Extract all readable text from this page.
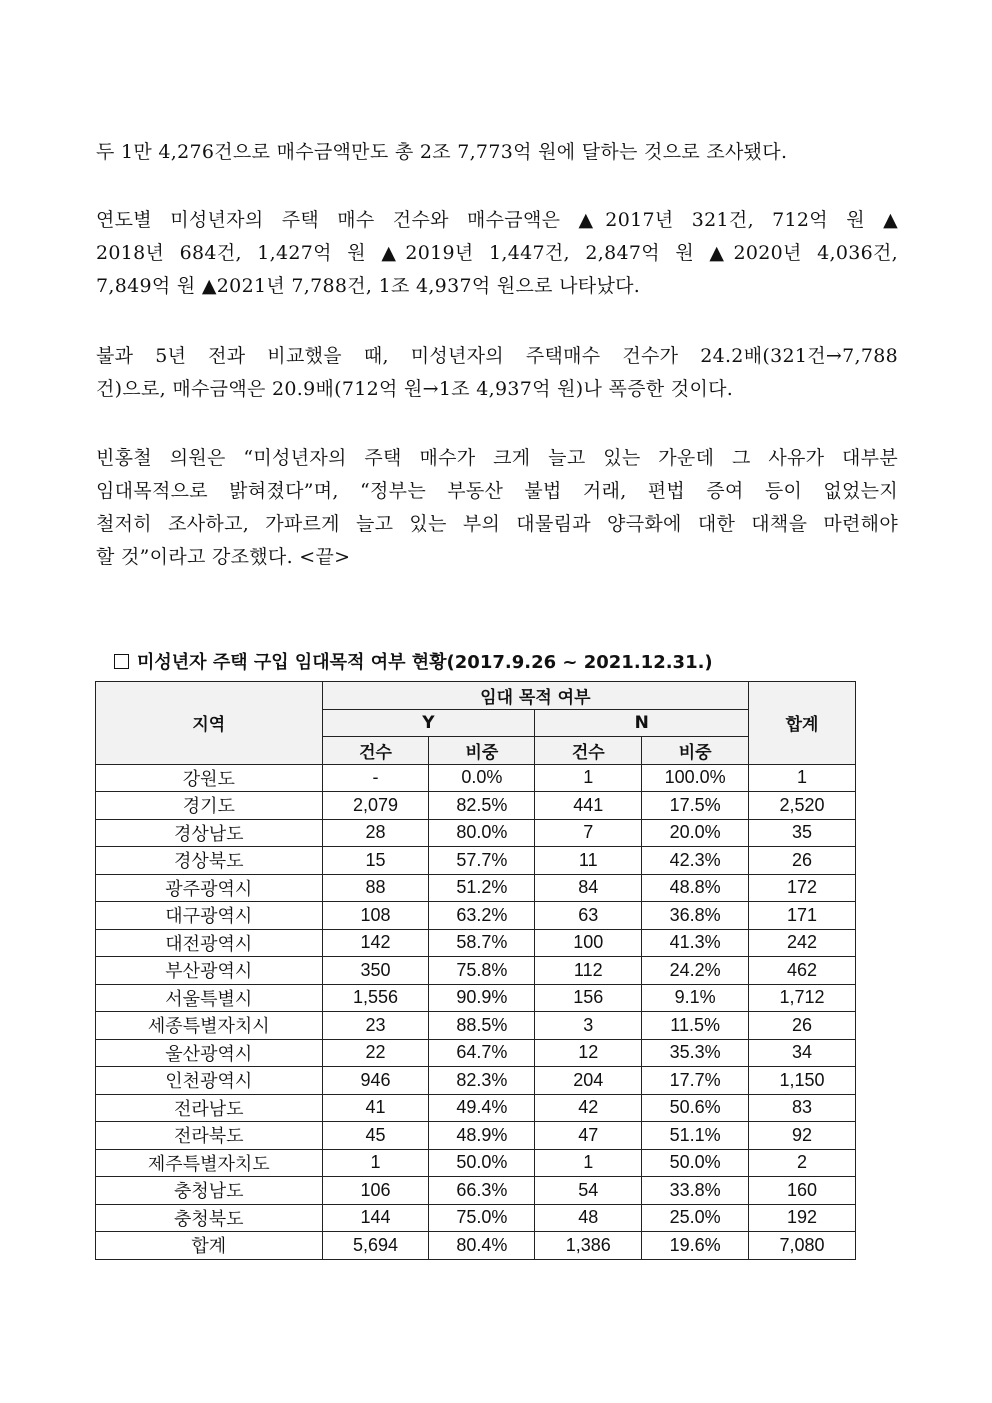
두 1만 4,276건으로 매수금액만도 총 2조 7,773억 원에 달하는 것으로 조사됐다.
연도별 미성년자의 주택 매수 건수와 매수금액은 ▲2017년 321건, 712억 원 ▲
2018년 684건, 1,427억 원 ▲2019년 1,447건, 2,847억 원 ▲2020년 4,036건,
7,849억 원 ▲2021년 7,788건, 1조 4,937억 원으로 나타났다.
불과 5년 전과 비교했을 때, 미성년자의 주택매수 건수가 24.2배(321건→7,788
건)으로, 매수금액은 20.9배(712억 원→1조 4,937억 원)나 폭증한 것이다.
빈홍철 의원은 “미성년자의 주택 매수가 크게 늘고 있는 가운데 그 사유가 대부분
임대목적으로 밝혀졌다”며, “정부는 부동산 불법 거래, 편법 증여 등이 없었는지
철저히 조사하고, 가파르게 늘고 있는 부의 대물림과 양극화에 대한 대책을 마련해야
할 것”이라고 강조했다. <끝>
미성년자 주택 구입 임대목적 여부 현황(2017.9.26 ~ 2021.12.31.)
지역	임대 목적 여부				합계
	Y		N		
	건수	비중	건수	비중	
강원도	-	0.0%	1	100.0%	1
경기도	2,079	82.5%	441	17.5%	2,520
경상남도	28	80.0%	7	20.0%	35
경상북도	15	57.7%	11	42.3%	26
광주광역시	88	51.2%	84	48.8%	172
대구광역시	108	63.2%	63	36.8%	171
대전광역시	142	58.7%	100	41.3%	242
부산광역시	350	75.8%	112	24.2%	462
서울특별시	1,556	90.9%	156	9.1%	1,712
세종특별자치시	23	88.5%	3	11.5%	26
울산광역시	22	64.7%	12	35.3%	34
인천광역시	946	82.3%	204	17.7%	1,150
전라남도	41	49.4%	42	50.6%	83
전라북도	45	48.9%	47	51.1%	92
제주특별자치도	1	50.0%	1	50.0%	2
충청남도	106	66.3%	54	33.8%	160
충청북도	144	75.0%	48	25.0%	192
합계	5,694	80.4%	1,386	19.6%	7,080
